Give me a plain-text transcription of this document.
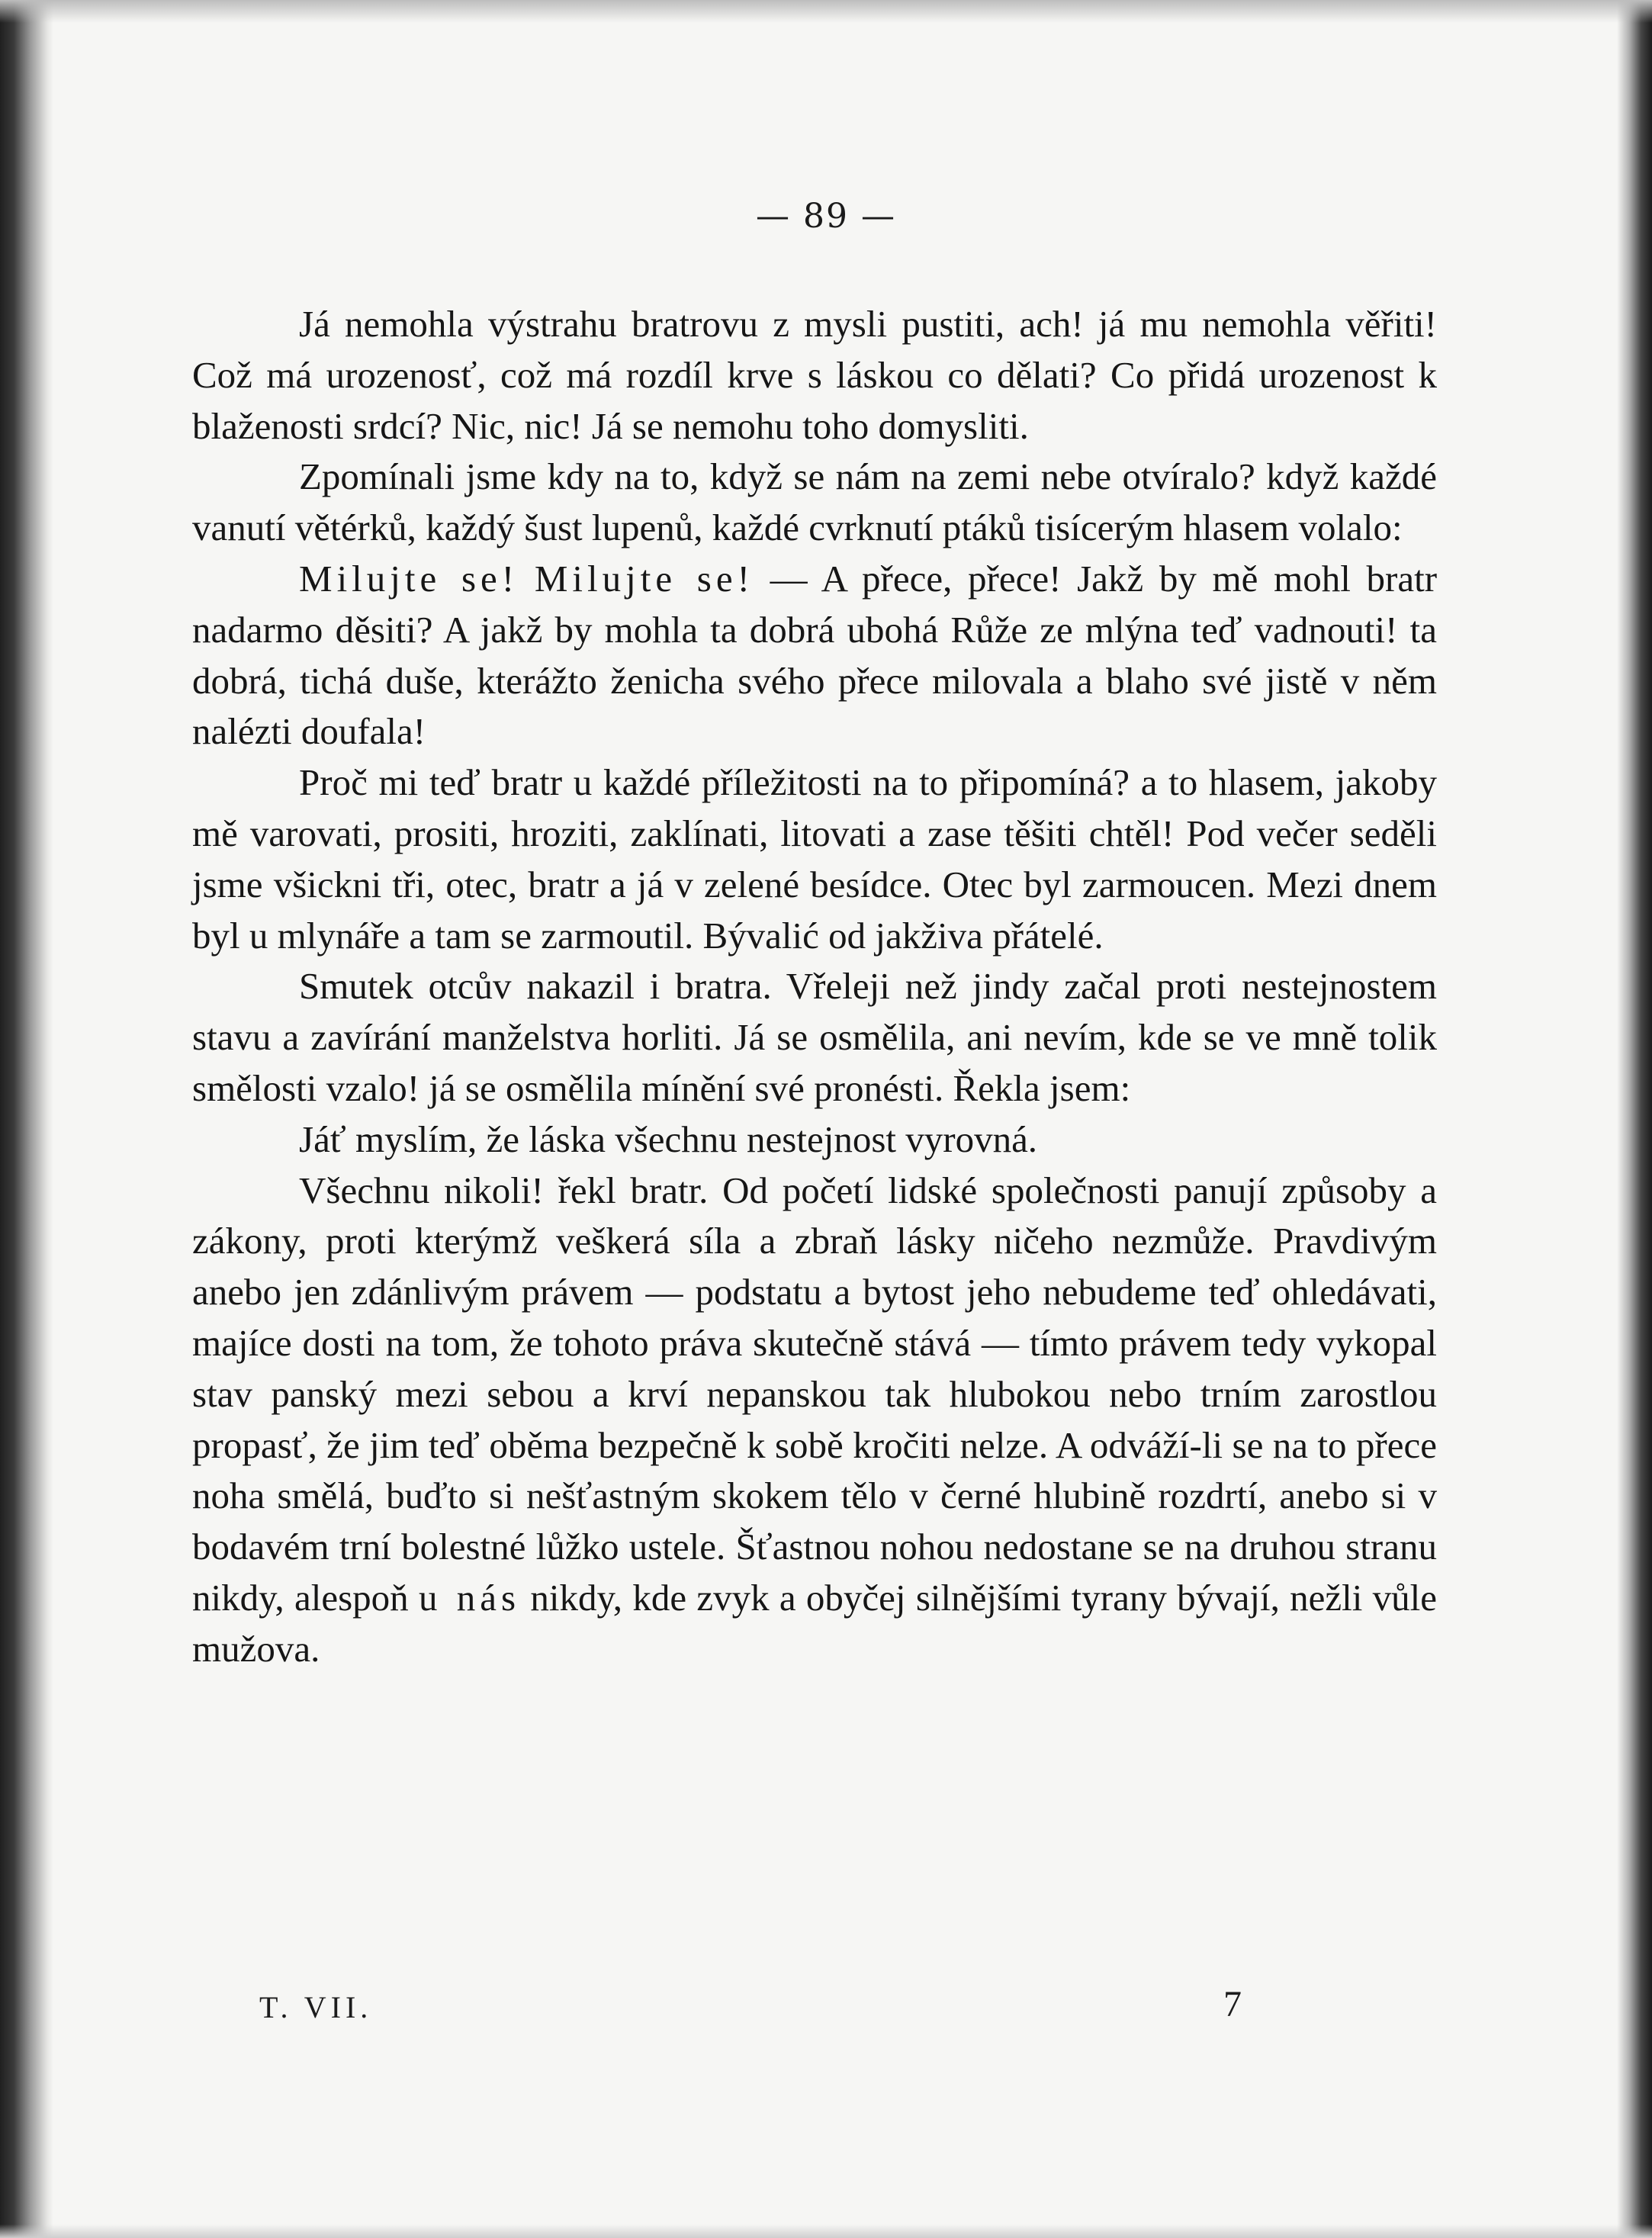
— 89 —

Já nemohla výstrahu bratrovu z mysli pustiti, ach! já mu nemohla věřiti! Což má urozenosť, což má rozdíl krve s láskou co dělati? Co přidá urozenost k blaženosti srdcí? Nic, nic! Já se nemohu toho domysliti.

Zpomínali jsme kdy na to, když se nám na zemi nebe otvíralo? když každé vanutí větérků, každý šust lupenů, každé cvrknutí ptáků tisícerým hlasem volalo:

Milujte se! Milujte se! — A přece, přece! Jakž by mě mohl bratr nadarmo děsiti? A jakž by mohla ta dobrá ubohá Růže ze mlýna teď vadnouti! ta dobrá, tichá duše, kterážto ženicha svého přece milovala a blaho své jistě v něm nalézti doufala!

Proč mi teď bratr u každé příležitosti na to připomíná? a to hlasem, jakoby mě varovati, prositi, hroziti, zaklínati, litovati a zase těšiti chtěl! Pod večer seděli jsme všickni tři, otec, bratr a já v zelené besídce. Otec byl zarmoucen. Mezi dnem byl u mlynáře a tam se zarmoutil. Bývalić od jakživa přátelé.

Smutek otcův nakazil i bratra. Vřeleji než jindy začal proti nestejnostem stavu a zavírání manželstva horliti. Já se osmělila, ani nevím, kde se ve mně tolik smělosti vzalo! já se osmělila mínění své pronésti. Řekla jsem:

Jáť myslím, že láska všechnu nestejnost vyrovná.

Všechnu nikoli! řekl bratr. Od početí lidské společnosti panují způsoby a zákony, proti kterýmž veškerá síla a zbraň lásky ničeho nezmůže. Pravdivým anebo jen zdánlivým právem — podstatu a bytost jeho nebudeme teď ohledávati, majíce dosti na tom, že tohoto práva skutečně stává — tímto právem tedy vykopal stav panský mezi sebou a krví nepanskou tak hlubokou nebo trním zarostlou propasť, že jim teď oběma bezpečně k sobě kročiti nelze. A odváží-li se na to přece noha smělá, buďto si nešťastným skokem tělo v černé hlubině rozdrtí, anebo si v bodavém trní bolestné lůžko ustele. Šťastnou nohou nedostane se na druhou stranu nikdy, alespoň u nás nikdy, kde zvyk a obyčej silnějšími tyrany bývají, nežli vůle mužova.

T. VII.	7
